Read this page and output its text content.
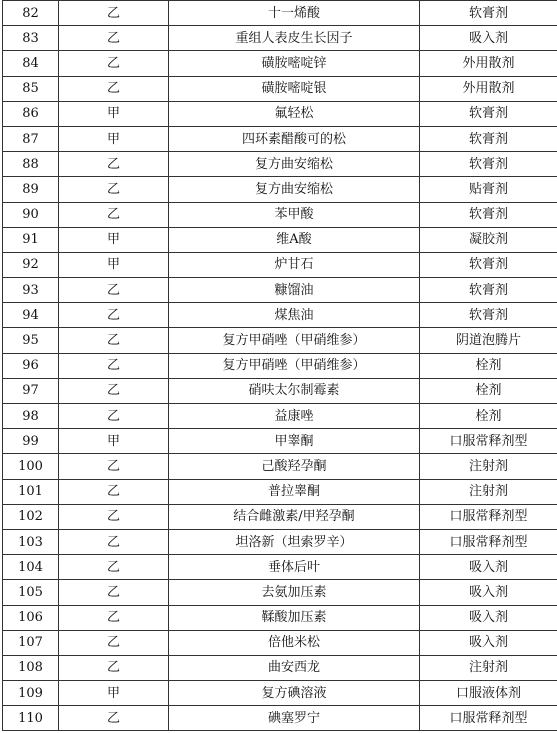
82	乙	十一烯酸	软膏剂
83	乙	重组人表皮生长因子	吸入剂
84	乙	磺胺嘧啶锌	外用散剂
85	乙	磺胺嘧啶银	外用散剂
86	甲	氟轻松	软膏剂
87	甲	四环素醋酸可的松	软膏剂
88	乙	复方曲安缩松	软膏剂
89	乙	复方曲安缩松	贴膏剂
90	乙	苯甲酸	软膏剂
91	甲	维A酸	凝胶剂
92	甲	炉甘石	软膏剂
93	乙	糠馏油	软膏剂
94	乙	煤焦油	软膏剂
95	乙	复方甲硝唑（甲硝维参）	阴道泡腾片
96	乙	复方甲硝唑（甲硝维参）	栓剂
97	乙	硝呋太尔制霉素	栓剂
98	乙	益康唑	栓剂
99	甲	甲睾酮	口服常释剂型
100	乙	己酸羟孕酮	注射剂
101	乙	普拉睾酮	注射剂
102	乙	结合雌激素/甲羟孕酮	口服常释剂型
103	乙	坦洛新（坦索罗辛）	口服常释剂型
104	乙	垂体后叶	吸入剂
105	乙	去氨加压素	吸入剂
106	乙	鞣酸加压素	吸入剂
107	乙	倍他米松	吸入剂
108	乙	曲安西龙	注射剂
109	甲	复方碘溶液	口服液体剂
110	乙	碘塞罗宁	口服常释剂型
